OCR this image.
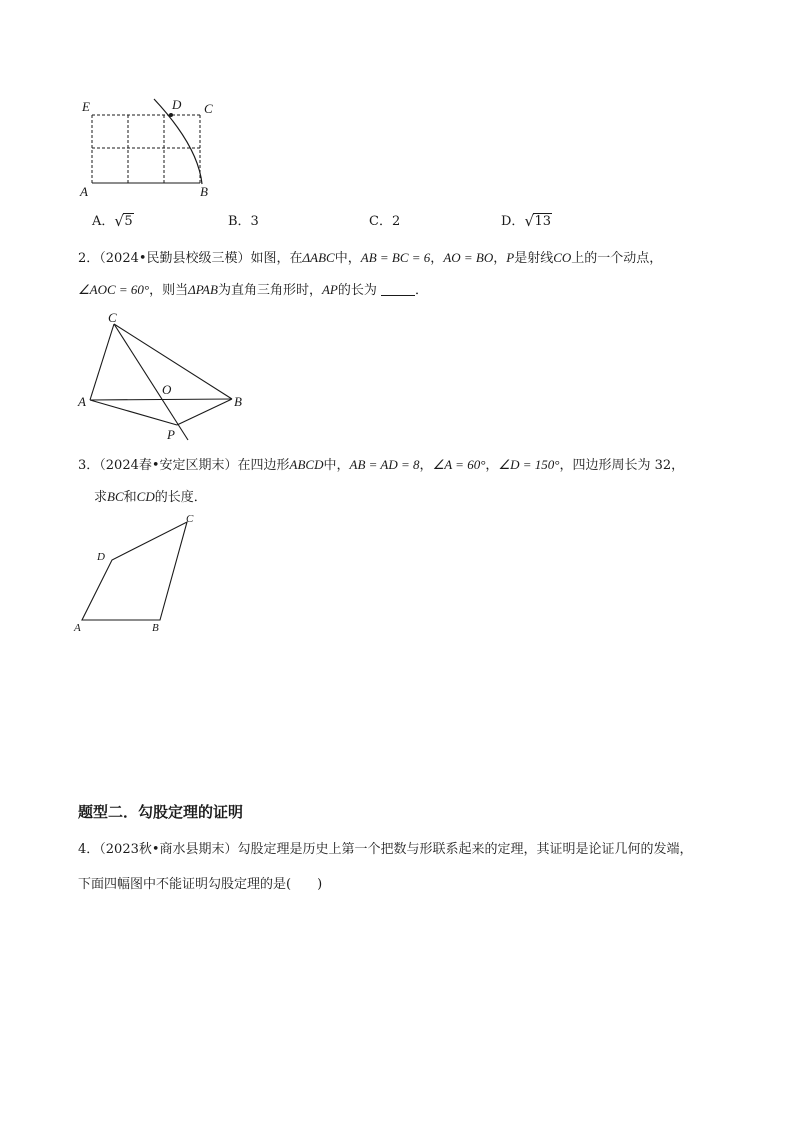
E	D C
A	B
A． √ 5	B．3	C．2	D． √ 13
2．（2024•民勤县校级三模）如图，在ΔABC中，AB = BC = 6，AO = BO，P是射线CO上的一个动点，
∠AOC = 60°，则当ΔPAB为直角三角形时，AP的长为	．
C
A
O
B
P
3．（2024春•安定区期末）在四边形ABCD中，AB = AD = 8，∠A = 60°，∠D = 150°，四边形周长为 32，
求BC和CD的长度．
C
D
A	B
题型二．勾股定理的证明
4．（2023秋•商水县期末）勾股定理是历史上第一个把数与形联系起来的定理，其证明是论证几何的发端，
下面四幅图中不能证明勾股定理的是(　　)
